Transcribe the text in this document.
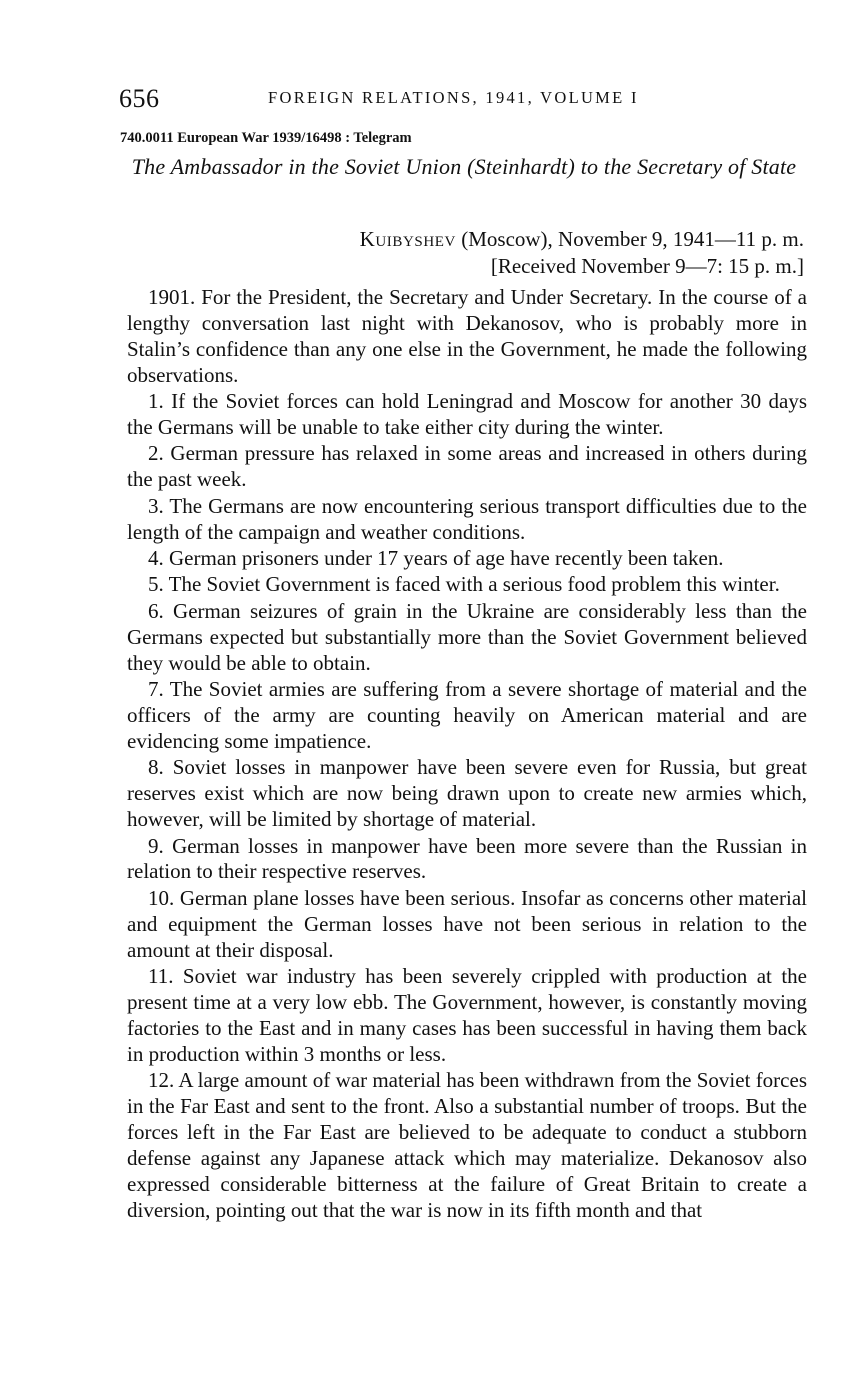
656	FOREIGN RELATIONS, 1941, VOLUME I
740.0011 European War 1939/16498 : Telegram
The Ambassador in the Soviet Union (Steinhardt) to the Secretary of State
Kuibyshev (Moscow), November 9, 1941—11 p. m.
[Received November 9—7: 15 p. m.]

1901. For the President, the Secretary and Under Secretary. In the course of a lengthy conversation last night with Dekanosov, who is probably more in Stalin’s confidence than any one else in the Government, he made the following observations.

1. If the Soviet forces can hold Leningrad and Moscow for another 30 days the Germans will be unable to take either city during the winter.

2. German pressure has relaxed in some areas and increased in others during the past week.

3. The Germans are now encountering serious transport difficulties due to the length of the campaign and weather conditions.

4. German prisoners under 17 years of age have recently been taken.

5. The Soviet Government is faced with a serious food problem this winter.

6. German seizures of grain in the Ukraine are considerably less than the Germans expected but substantially more than the Soviet Government believed they would be able to obtain.

7. The Soviet armies are suffering from a severe shortage of material and the officers of the army are counting heavily on American material and are evidencing some impatience.

8. Soviet losses in manpower have been severe even for Russia, but great reserves exist which are now being drawn upon to create new armies which, however, will be limited by shortage of material.

9. German losses in manpower have been more severe than the Russian in relation to their respective reserves.

10. German plane losses have been serious. Insofar as concerns other material and equipment the German losses have not been serious in relation to the amount at their disposal.

11. Soviet war industry has been severely crippled with production at the present time at a very low ebb. The Government, however, is constantly moving factories to the East and in many cases has been successful in having them back in production within 3 months or less.

12. A large amount of war material has been withdrawn from the Soviet forces in the Far East and sent to the front. Also a substantial number of troops. But the forces left in the Far East are believed to be adequate to conduct a stubborn defense against any Japanese attack which may materialize. Dekanosov also expressed considerable bitterness at the failure of Great Britain to create a diversion, pointing out that the war is now in its fifth month and that
